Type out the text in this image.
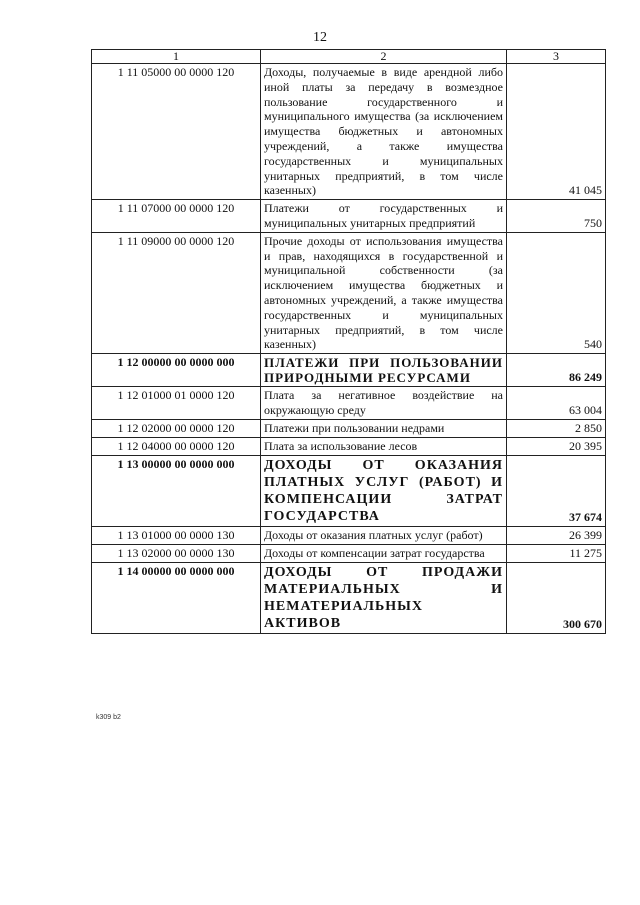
12
1	2	3
1 11 05000 00 0000 120	Доходы, получаемые в виде арендной либо иной платы за передачу в возмездное пользование государственного и муниципального имущества (за исключением имущества бюджетных и автономных учреждений, а также имущества государственных и муниципальных унитарных предприятий, в том числе казенных)	41 045
1 11 07000 00 0000 120	Платежи от государственных и муниципальных унитарных предприятий	750
1 11 09000 00 0000 120	Прочие доходы от использования имущества и прав, находящихся в государственной и муниципальной собственности (за исключением имущества бюджетных и автономных учреждений, а также имущества государственных и муниципальных унитарных предприятий, в том числе казенных)	540
1 12 00000 00 0000 000	ПЛАТЕЖИ ПРИ ПОЛЬЗОВАНИИ ПРИРОДНЫМИ РЕСУРСАМИ	86 249
1 12 01000 01 0000 120	Плата за негативное воздействие на окружающую среду	63 004
1 12 02000 00 0000 120	Платежи при пользовании недрами	2 850
1 12 04000 00 0000 120	Плата за использование лесов	20 395
1 13 00000 00 0000 000	ДОХОДЫ ОТ ОКАЗАНИЯ ПЛАТНЫХ УСЛУГ (РАБОТ) И КОМПЕНСАЦИИ ЗАТРАТ ГОСУДАРСТВА	37 674
1 13 01000 00 0000 130	Доходы от оказания платных услуг (работ)	26 399
1 13 02000 00 0000 130	Доходы от компенсации затрат государства	11 275
1 14 00000 00 0000 000	ДОХОДЫ ОТ ПРОДАЖИ МАТЕРИАЛЬНЫХ И НЕМАТЕРИАЛЬНЫХ АКТИВОВ	300 670
k309 b2
